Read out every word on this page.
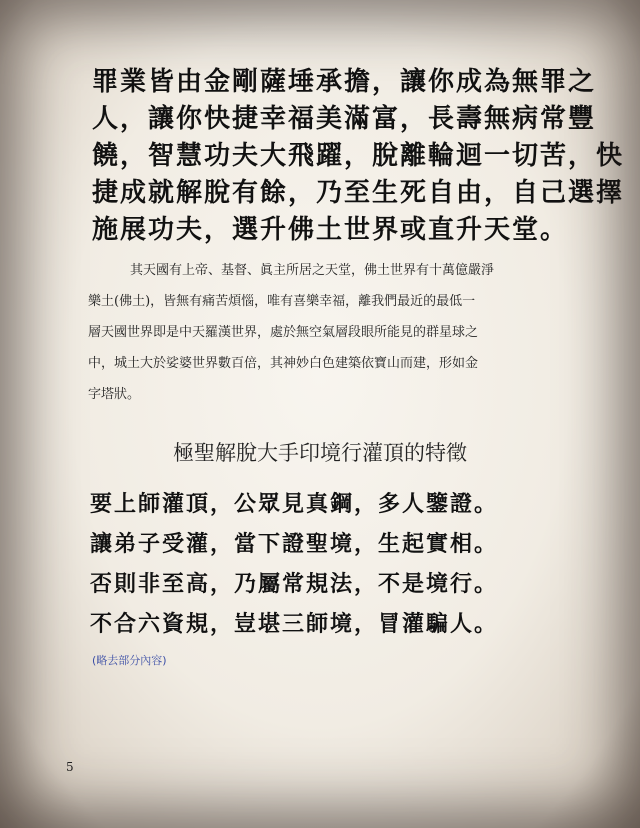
罪業皆由金剛薩埵承擔，讓你成為無罪之
人，讓你快捷幸福美滿富，長壽無病常豐
饒，智慧功夫大飛躍，脫離輪迴一切苦，快
捷成就解脫有餘，乃至生死自由，自己選擇
施展功夫，選升佛土世界或直升天堂。
其天國有上帝、基督、眞主所居之天堂，佛土世界有十萬億嚴淨
樂土(佛土)，皆無有痛苦煩惱，唯有喜樂幸福，離我們最近的最低一
層天國世界即是中天羅漢世界，處於無空氣層段眼所能見的群星球之
中，城土大於娑婆世界數百倍，其神妙白色建築依寶山而建，形如金
字塔狀。
極聖解脫大手印境行灌頂的特徵
要上師灌頂，公眾見真鋼，多人鑒證。
讓弟子受灌，當下證聖境，生起實相。
否則非至高，乃屬常規法，不是境行。
不合六資規，豈堪三師境，冒灌騙人。
(略去部分內容)
5
